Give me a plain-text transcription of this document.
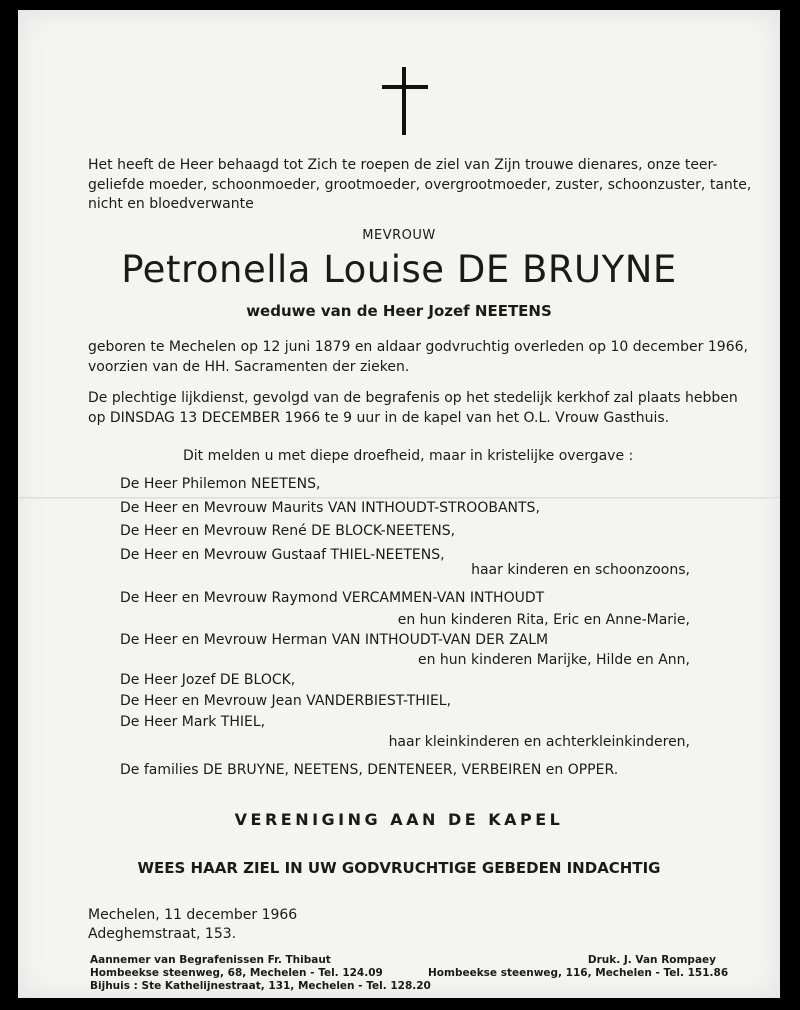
Het heeft de Heer behaagd tot Zich te roepen de ziel van Zijn trouwe dienares, onze teer-
geliefde moeder, schoonmoeder, grootmoeder, overgrootmoeder, zuster, schoonzuster, tante,
nicht en bloedverwante
MEVROUW
Petronella Louise DE BRUYNE
weduwe van de Heer Jozef NEETENS
geboren te Mechelen op 12 juni 1879 en aldaar godvruchtig overleden op 10 december 1966,
voorzien van de HH. Sacramenten der zieken.
De plechtige lijkdienst, gevolgd van de begrafenis op het stedelijk kerkhof zal plaats hebben
op DINSDAG 13 DECEMBER 1966 te 9 uur in de kapel van het O.L. Vrouw Gasthuis.
Dit melden u met diepe droefheid, maar in kristelijke overgave :
De Heer Philemon NEETENS,
De Heer en Mevrouw Maurits VAN INTHOUDT-STROOBANTS,
De Heer en Mevrouw René DE BLOCK-NEETENS,
De Heer en Mevrouw Gustaaf THIEL-NEETENS,
haar kinderen en schoonzoons,
De Heer en Mevrouw Raymond VERCAMMEN-VAN INTHOUDT
en hun kinderen Rita, Eric en Anne-Marie,
De Heer en Mevrouw Herman VAN INTHOUDT-VAN DER ZALM
en hun kinderen Marijke, Hilde en Ann,
De Heer Jozef DE BLOCK,
De Heer en Mevrouw Jean VANDERBIEST-THIEL,
De Heer Mark THIEL,
haar kleinkinderen en achterkleinkinderen,
De families DE BRUYNE, NEETENS, DENTENEER, VERBEIREN en OPPER.
VERENIGING AAN DE KAPEL
WEES HAAR ZIEL IN UW GODVRUCHTIGE GEBEDEN INDACHTIG
Mechelen, 11 december 1966
Adeghemstraat, 153.
Aannemer van Begrafenissen Fr. Thibaut
Hombeekse steenweg, 68, Mechelen - Tel. 124.09
Bijhuis : Ste Kathelijnestraat, 131, Mechelen - Tel. 128.20
Druk. J. Van Rompaey
Hombeekse steenweg, 116, Mechelen - Tel. 151.86
